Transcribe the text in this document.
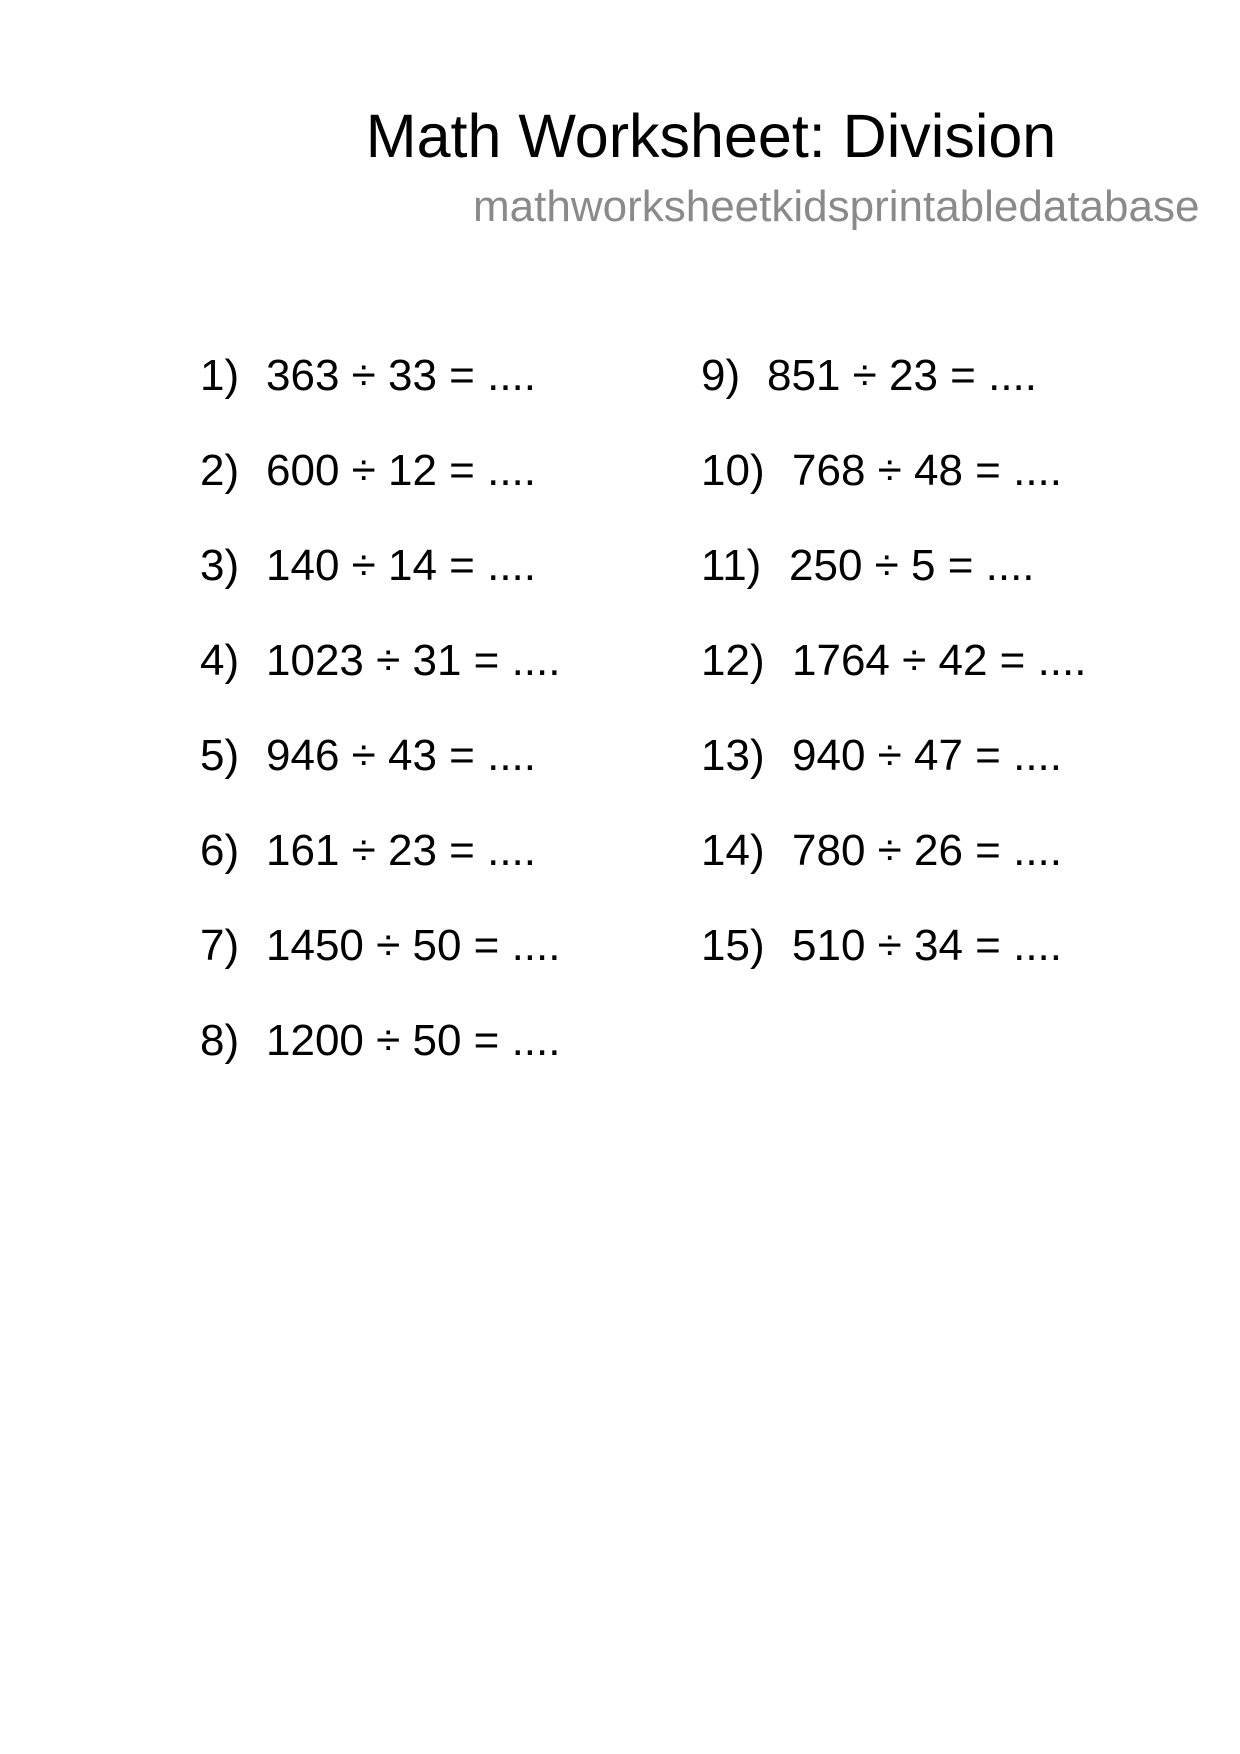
Math Worksheet: Division
mathworksheetkidsprintabledatabase
1) 363 ÷ 33 = ....
2) 600 ÷ 12 = ....
3) 140 ÷ 14 = ....
4) 1023 ÷ 31 = ....
5) 946 ÷ 43 = ....
6) 161 ÷ 23 = ....
7) 1450 ÷ 50 = ....
8) 1200 ÷ 50 = ....
9) 851 ÷ 23 = ....
10) 768 ÷ 48 = ....
11) 250 ÷ 5 = ....
12) 1764 ÷ 42 = ....
13) 940 ÷ 47 = ....
14) 780 ÷ 26 = ....
15) 510 ÷ 34 = ....
